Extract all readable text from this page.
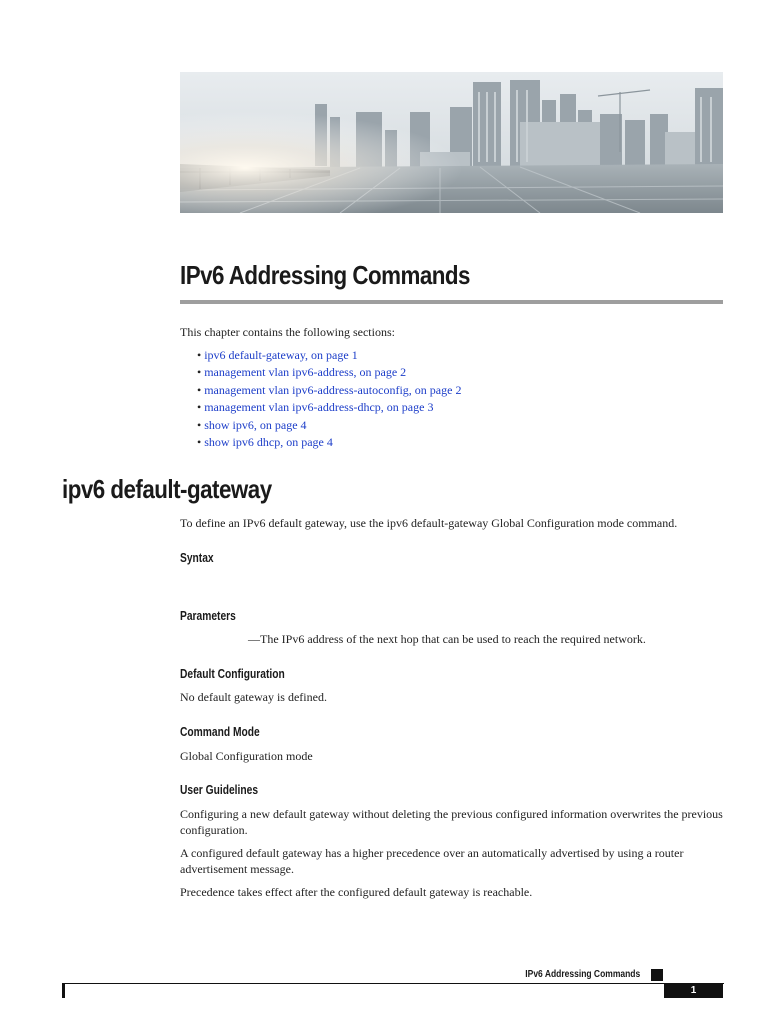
IPv6 Addressing Commands

This chapter contains the following sections:

• ipv6 default-gateway, on page 1
• management vlan ipv6-address, on page 2
• management vlan ipv6-address-autoconfig, on page 2
• management vlan ipv6-address-dhcp, on page 3
• show ipv6, on page 4
• show ipv6 dhcp, on page 4
ipv6 default-gateway

To define an IPv6 default gateway, use the ipv6 default-gateway Global Configuration mode command.

Syntax
Parameters

—The IPv6 address of the next hop that can be used to reach the required network.

Default Configuration

No default gateway is defined.

Command Mode

Global Configuration mode

User Guidelines

Configuring a new default gateway without deleting the previous configured information overwrites the previous configuration.

A configured default gateway has a higher precedence over an automatically advertised by using a router advertisement message.

Precedence takes effect after the configured default gateway is reachable.

IPv6 Addressing Commands
1
